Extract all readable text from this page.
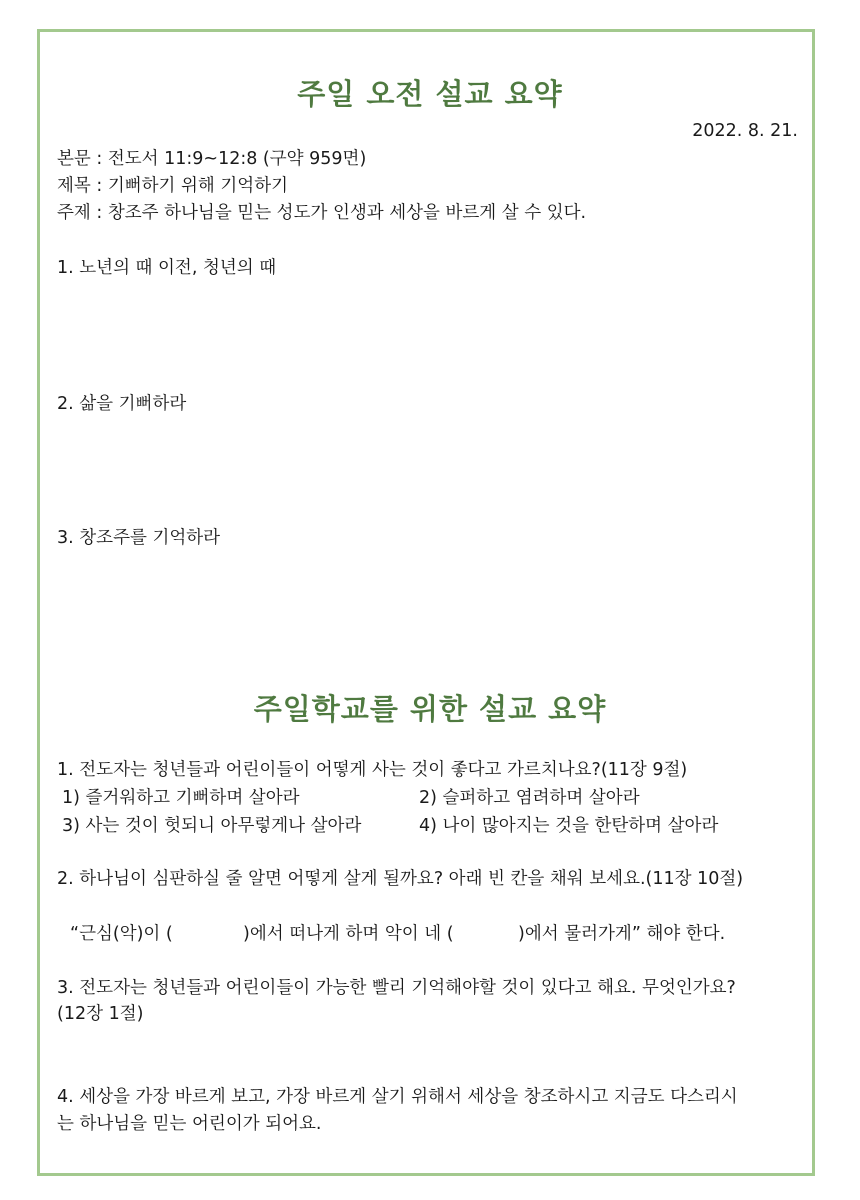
주일 오전 설교 요약
2022. 8. 21.
본문 : 전도서 11:9~12:8 (구약 959면)
제목 : 기뻐하기 위해 기억하기
주제 : 창조주 하나님을 믿는 성도가 인생과 세상을 바르게 살 수 있다.
1. 노년의 때 이전, 청년의 때
2. 삶을 기뻐하라
3. 창조주를 기억하라
주일학교를 위한 설교 요약
1. 전도자는 청년들과 어린이들이 어떻게 사는 것이 좋다고 가르치나요?(11장 9절)
1) 즐거워하고 기뻐하며 살아라	2) 슬퍼하고 염려하며 살아라
3) 사는 것이 헛되니 아무렇게나 살아라	4) 나이 많아지는 것을 한탄하며 살아라
2. 하나님이 심판하실 줄 알면 어떻게 살게 될까요? 아래 빈 칸을 채워 보세요.(11장 10절)
“근심(악)이 (	)에서 떠나게 하며 악이 네 (	)에서 물러가게” 해야 한다.
3. 전도자는 청년들과 어린이들이 가능한 빨리 기억해야할 것이 있다고 해요. 무엇인가요?
(12장 1절)
4. 세상을 가장 바르게 보고, 가장 바르게 살기 위해서 세상을 창조하시고 지금도 다스리시
는 하나님을 믿는 어린이가 되어요.
